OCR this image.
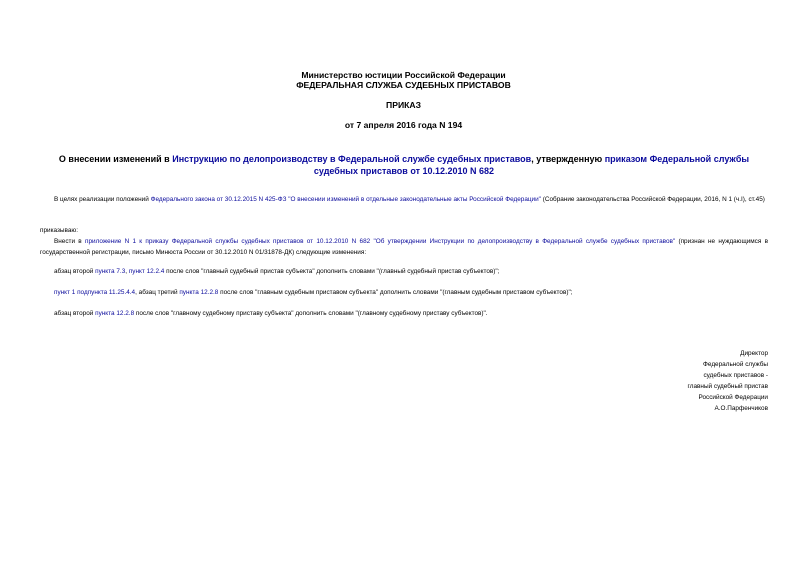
Министерство юстиции Российской Федерации
ФЕДЕРАЛЬНАЯ СЛУЖБА СУДЕБНЫХ ПРИСТАВОВ
ПРИКАЗ
от 7 апреля 2016 года N 194
О внесении изменений в Инструкцию по делопроизводству в Федеральной службе судебных приставов, утвержденную приказом Федеральной службы судебных приставов от 10.12.2010 N 682
В целях реализации положений Федерального закона от 30.12.2015 N 425-ФЗ "О внесении изменений в отдельные законодательные акты Российской Федерации" (Собрание законодательства Российской Федерации, 2016, N 1 (ч.I), ст.45)
приказываю:
Внести в приложение N 1 к приказу Федеральной службы судебных приставов от 10.12.2010 N 682 "Об утверждении Инструкции по делопроизводству в Федеральной службе судебных приставов" (признан не нуждающимся в государственной регистрации, письмо Минюста России от 30.12.2010 N 01/31878-ДК) следующие изменения:
абзац второй пункта 7.3, пункт 12.2.4 после слов "главный судебный пристав субъекта" дополнить словами "(главный судебный пристав субъектов)";
пункт 1 подпункта 11.25.4.4, абзац третий пункта 12.2.8 после слов "главным судебным приставом субъекта" дополнить словами "(главным судебным приставом субъектов)";
абзац второй пункта 12.2.8 после слов "главному судебному приставу субъекта" дополнить словами "(главному судебному приставу субъектов)".
Директор
Федеральной службы
судебных приставов -
главный судебный пристав
Российской Федерации
А.О.Парфенчиков
